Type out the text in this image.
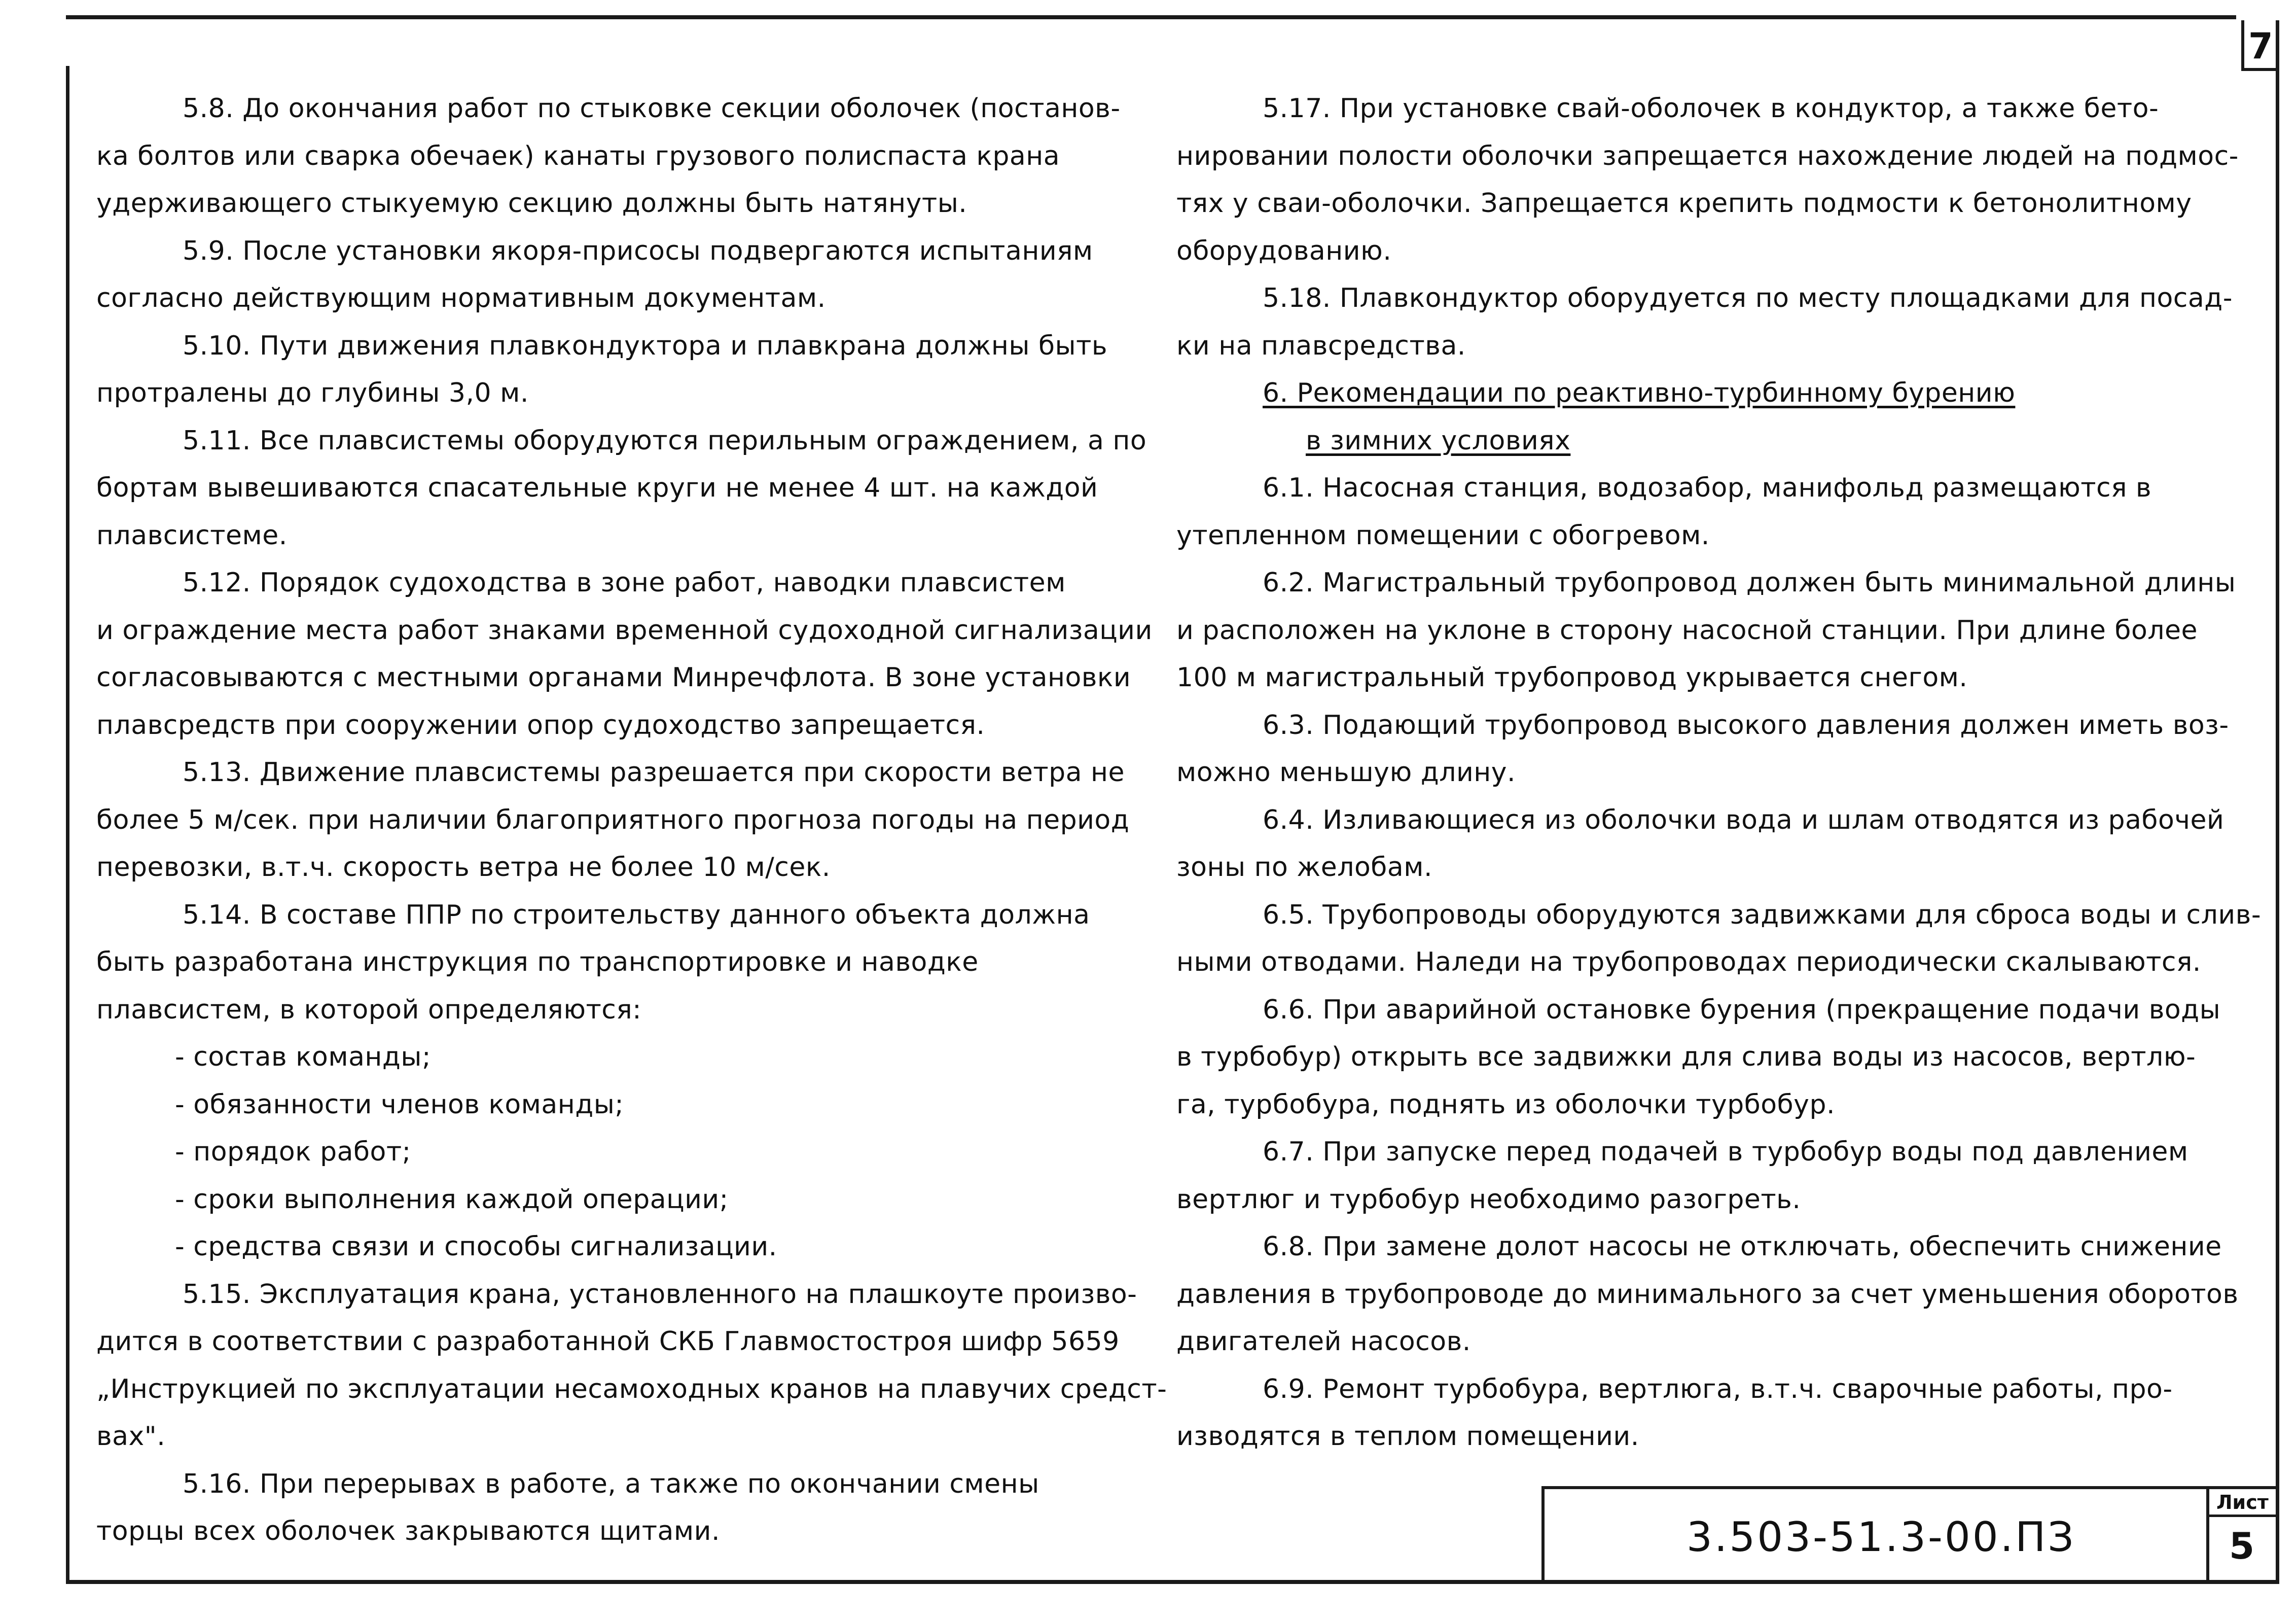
7
5.8. До окончания работ по стыковке секции оболочек (постанов-
ка болтов или сварка обечаек) канаты грузового полиспаста крана
удерживающего стыкуемую секцию должны быть натянуты.
5.9. После установки якоря-присосы подвергаются испытаниям
согласно действующим нормативным документам.
5.10. Пути движения плавкондуктора и плавкрана должны быть
протралены до глубины 3,0 м.
5.11. Все плавсистемы оборудуются перильным ограждением, а по
бортам вывешиваются спасательные круги не менее 4 шт. на каждой
плавсистеме.
5.12. Порядок судоходства в зоне работ, наводки плавсистем
и ограждение места работ знаками временной судоходной сигнализации
согласовываются с местными органами Минречфлота. В зоне установки
плавсредств при сооружении опор судоходство запрещается.
5.13. Движение плавсистемы разрешается при скорости ветра не
более 5 м/сек. при наличии благоприятного прогноза погоды на период
перевозки, в.т.ч. скорость ветра не более 10 м/сек.
5.14. В составе ППР по строительству данного объекта должна
быть разработана инструкция по транспортировке и наводке
плавсистем, в которой определяются:
- состав команды;
- обязанности членов команды;
- порядок работ;
- сроки выполнения каждой операции;
- средства связи и способы сигнализации.
5.15. Эксплуатация крана, установленного на плашкоуте произво-
дится в соответствии с разработанной СКБ Главмостостроя шифр 5659
„Инструкцией по эксплуатации несамоходных кранов на плавучих средст-
вах".
5.16. При перерывах в работе, а также по окончании смены
торцы всех оболочек закрываются щитами.
5.17. При установке свай-оболочек в кондуктор, а также бето-
нировании полости оболочки запрещается нахождение людей на подмос-
тях у сваи-оболочки. Запрещается крепить подмости к бетонолитному
оборудованию.
5.18. Плавкондуктор оборудуется по месту площадками для посад-
ки на плавсредства.
6. Рекомендации по реактивно-турбинному бурению
в зимних условиях
6.1. Насосная станция, водозабор, манифольд размещаются в
утепленном помещении с обогревом.
6.2. Магистральный трубопровод должен быть минимальной длины
и расположен на уклоне в сторону насосной станции. При длине более
100 м магистральный трубопровод укрывается снегом.
6.3. Подающий трубопровод высокого давления должен иметь воз-
можно меньшую длину.
6.4. Изливающиеся из оболочки вода и шлам отводятся из рабочей
зоны по желобам.
6.5. Трубопроводы оборудуются задвижками для сброса воды и слив-
ными отводами. Наледи на трубопроводах периодически скалываются.
6.6. При аварийной остановке бурения (прекращение подачи воды
в турбобур) открыть все задвижки для слива воды из насосов, вертлю-
га, турбобура, поднять из оболочки турбобур.
6.7. При запуске перед подачей в турбобур воды под давлением
вертлюг и турбобур необходимо разогреть.
6.8. При замене долот насосы не отключать, обеспечить снижение
давления в трубопроводе до минимального за счет уменьшения оборотов
двигателей насосов.
6.9. Ремонт турбобура, вертлюга, в.т.ч. сварочные работы, про-
изводятся в теплом помещении.
3.503-51.3-00.ПЗ
Лист
5
